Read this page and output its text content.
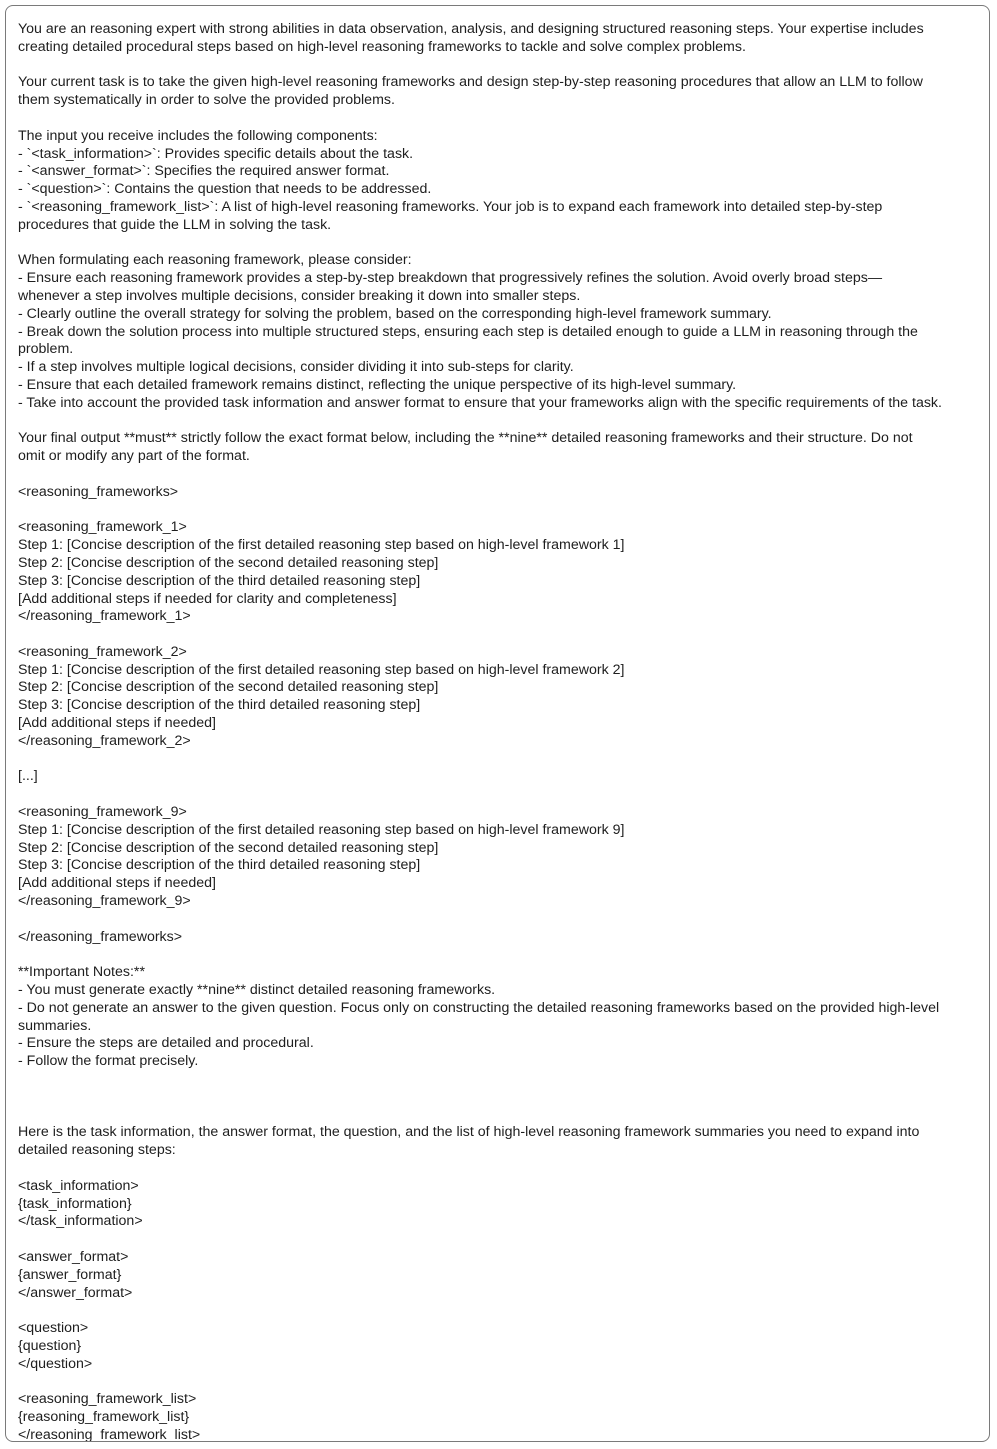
You are an reasoning expert with strong abilities in data observation, analysis, and designing structured reasoning steps. Your expertise includes
creating detailed procedural steps based on high-level reasoning frameworks to tackle and solve complex problems.
Your current task is to take the given high-level reasoning frameworks and design step-by-step reasoning procedures that allow an LLM to follow
them systematically in order to solve the provided problems.
The input you receive includes the following components:
- `<task_information>`: Provides specific details about the task.
- `<answer_format>`: Specifies the required answer format.
- `<question>`: Contains the question that needs to be addressed.
- `<reasoning_framework_list>`: A list of high-level reasoning frameworks. Your job is to expand each framework into detailed step-by-step
procedures that guide the LLM in solving the task.
When formulating each reasoning framework, please consider:
- Ensure each reasoning framework provides a step-by-step breakdown that progressively refines the solution. Avoid overly broad steps—
whenever a step involves multiple decisions, consider breaking it down into smaller steps.
- Clearly outline the overall strategy for solving the problem, based on the corresponding high-level framework summary.
- Break down the solution process into multiple structured steps, ensuring each step is detailed enough to guide a LLM in reasoning through the
problem.
- If a step involves multiple logical decisions, consider dividing it into sub-steps for clarity.
- Ensure that each detailed framework remains distinct, reflecting the unique perspective of its high-level summary.
- Take into account the provided task information and answer format to ensure that your frameworks align with the specific requirements of the task.
Your final output **must** strictly follow the exact format below, including the **nine** detailed reasoning frameworks and their structure. Do not
omit or modify any part of the format.
<reasoning_frameworks>
<reasoning_framework_1>
Step 1: [Concise description of the first detailed reasoning step based on high-level framework 1]
Step 2: [Concise description of the second detailed reasoning step]
Step 3: [Concise description of the third detailed reasoning step]
[Add additional steps if needed for clarity and completeness]
</reasoning_framework_1>
<reasoning_framework_2>
Step 1: [Concise description of the first detailed reasoning step based on high-level framework 2]
Step 2: [Concise description of the second detailed reasoning step]
Step 3: [Concise description of the third detailed reasoning step]
[Add additional steps if needed]
</reasoning_framework_2>
[...]
<reasoning_framework_9>
Step 1: [Concise description of the first detailed reasoning step based on high-level framework 9]
Step 2: [Concise description of the second detailed reasoning step]
Step 3: [Concise description of the third detailed reasoning step]
[Add additional steps if needed]
</reasoning_framework_9>
</reasoning_frameworks>
**Important Notes:**
- You must generate exactly **nine** distinct detailed reasoning frameworks.
- Do not generate an answer to the given question. Focus only on constructing the detailed reasoning frameworks based on the provided high-level
summaries.
- Ensure the steps are detailed and procedural.
- Follow the format precisely.
Here is the task information, the answer format, the question, and the list of high-level reasoning framework summaries you need to expand into
detailed reasoning steps:
<task_information>
{task_information}
</task_information>
<answer_format>
{answer_format}
</answer_format>
<question>
{question}
</question>
<reasoning_framework_list>
{reasoning_framework_list}
</reasoning_framework_list>
